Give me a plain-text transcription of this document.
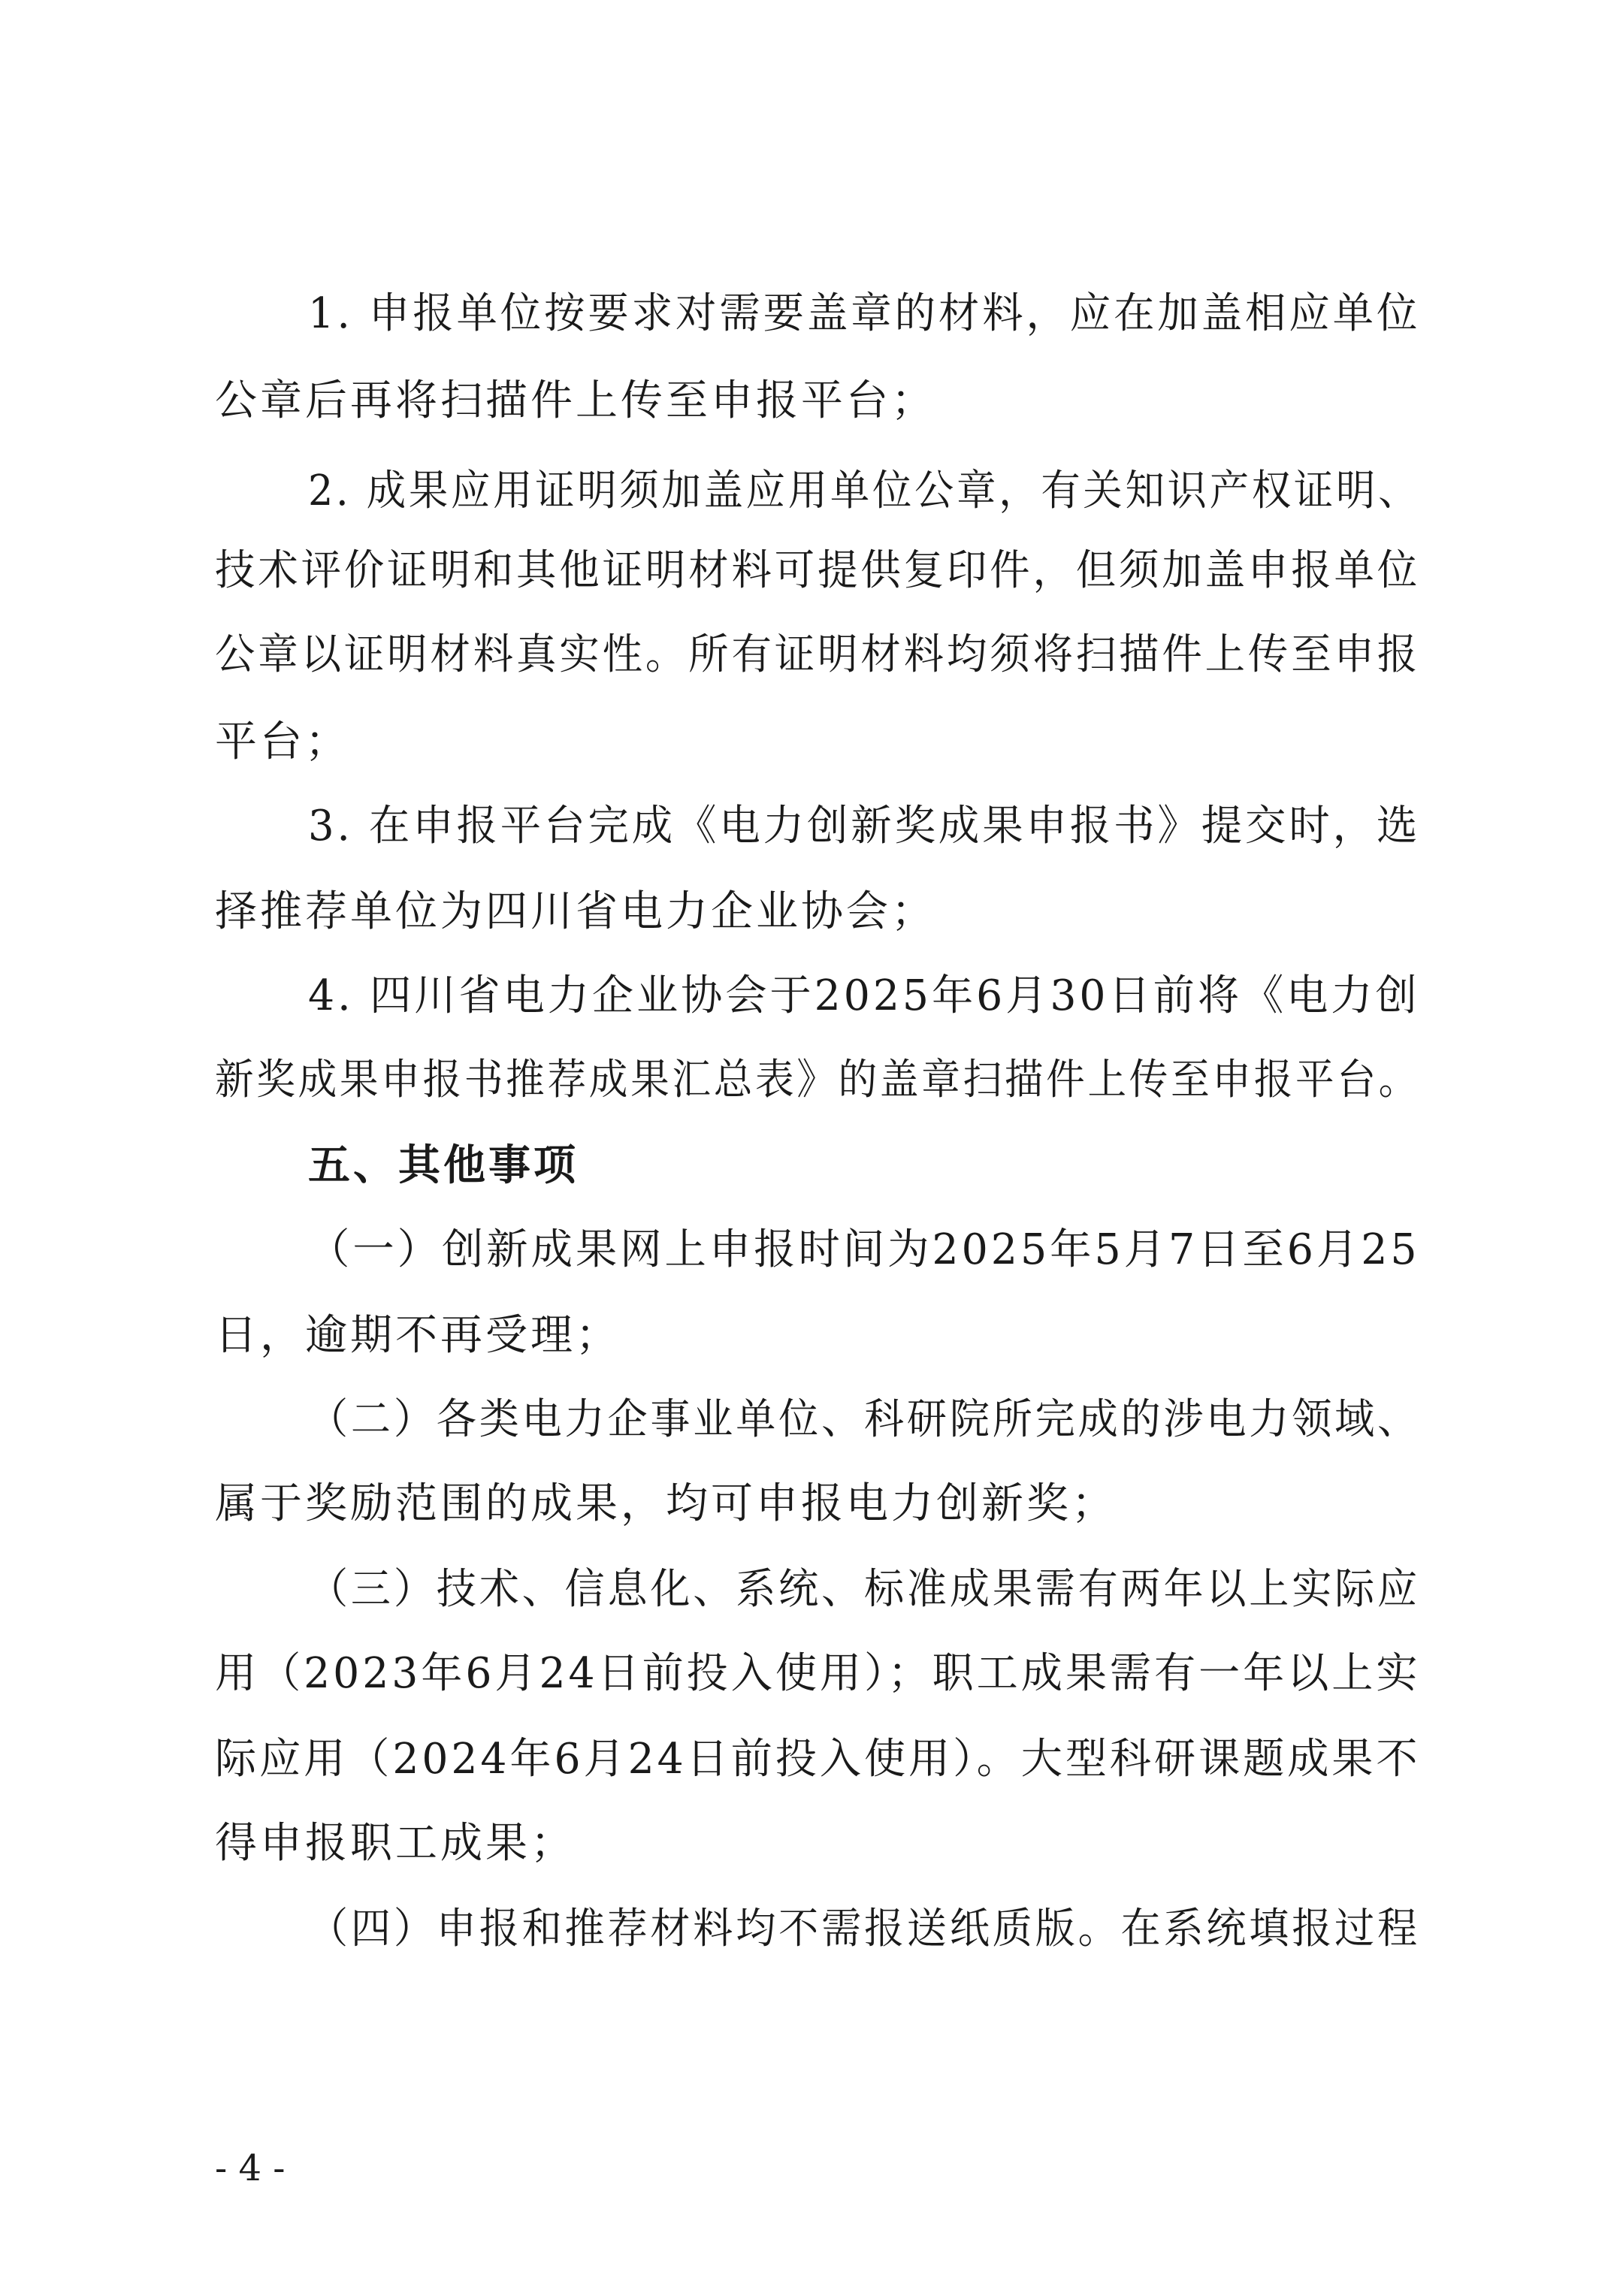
1. 申报单位按要求对需要盖章的材料，应在加盖相应单位
公章后再将扫描件上传至申报平台；
2. 成果应用证明须加盖应用单位公章，有关知识产权证明、
技术评价证明和其他证明材料可提供复印件，但须加盖申报单位
公章以证明材料真实性。所有证明材料均须将扫描件上传至申报
平台；
3. 在申报平台完成《电力创新奖成果申报书》提交时，选
择推荐单位为四川省电力企业协会；
4. 四川省电力企业协会于2025年6月30日前将《电力创
新奖成果申报书推荐成果汇总表》的盖章扫描件上传至申报平台。
五、其他事项
（一）创新成果网上申报时间为2025年5月7日至6月25
日，逾期不再受理；
（二）各类电力企事业单位、科研院所完成的涉电力领域、
属于奖励范围的成果，均可申报电力创新奖；
（三）技术、信息化、系统、标准成果需有两年以上实际应
用（2023年6月24日前投入使用）；职工成果需有一年以上实
际应用（2024年6月24日前投入使用）。大型科研课题成果不
得申报职工成果；
（四）申报和推荐材料均不需报送纸质版。在系统填报过程
- 4 -
